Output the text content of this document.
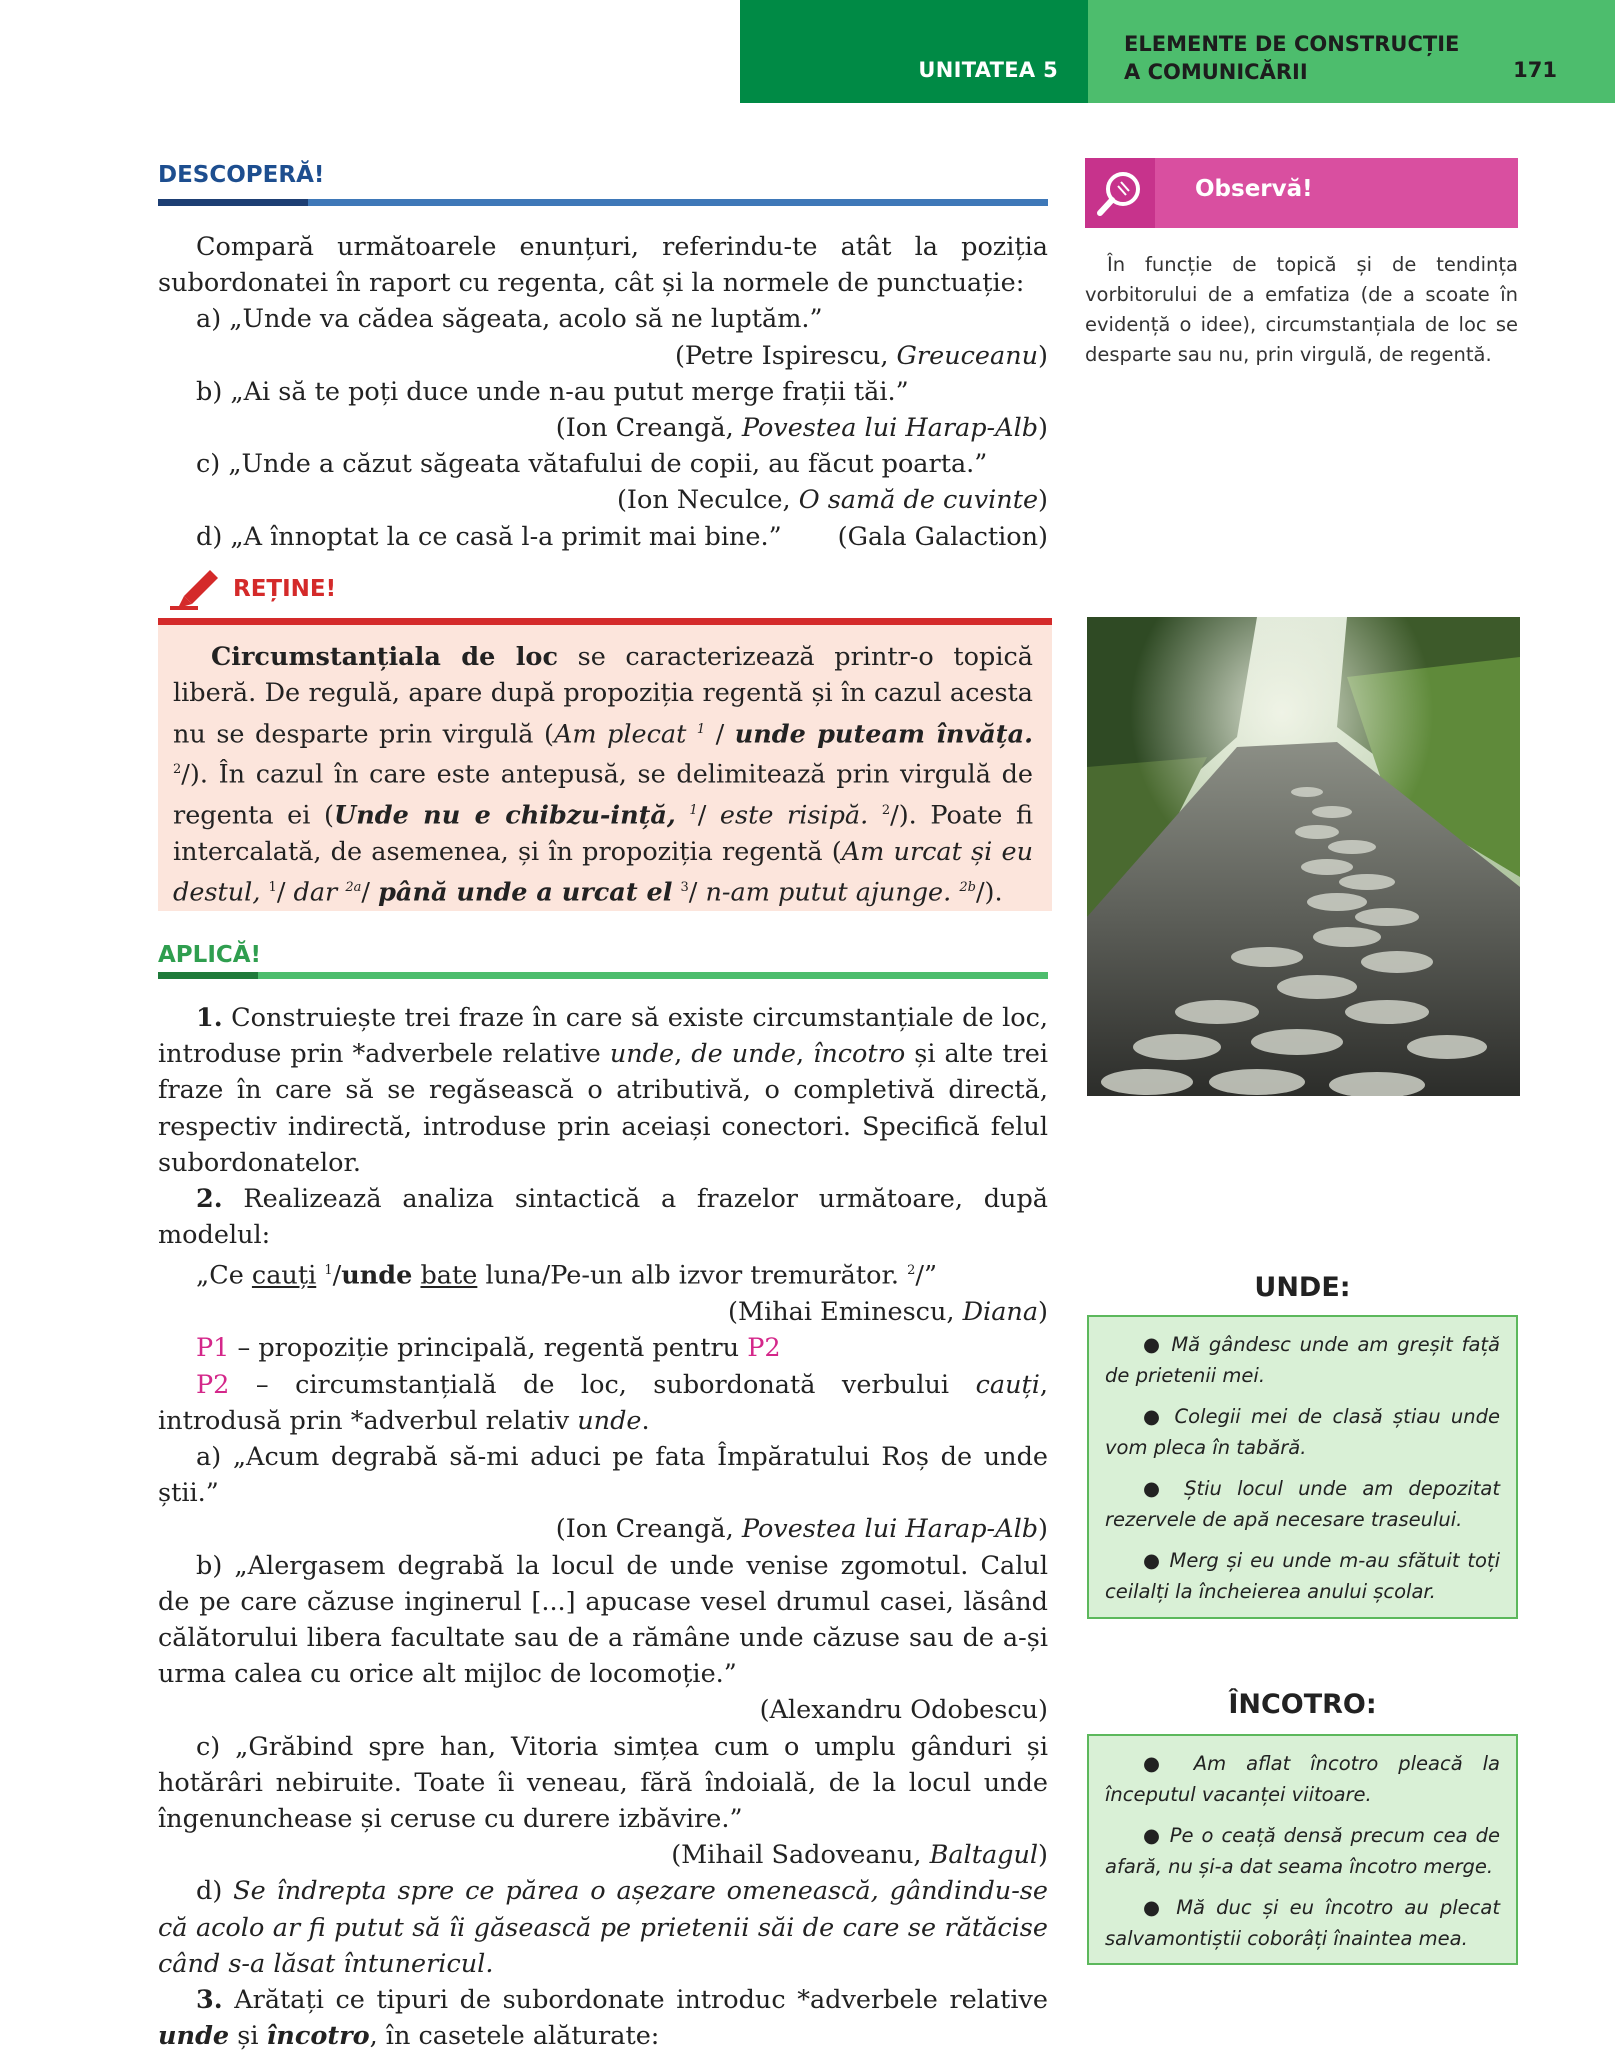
UNITATEA 5
ELEMENTE DE CONSTRUCȚIE
A COMUNICĂRII	171
DESCOPERĂ!

Compară următoarele enunțuri, referindu-te atât la poziția subordonatei în raport cu regenta, cât și la normele de punctuație:

a) „Unde va cădea săgeata, acolo să ne luptăm.”

(Petre Ispirescu, Greuceanu)

b) „Ai să te poți duce unde n-au putut merge frații tăi.”

(Ion Creangă, Povestea lui Harap-Alb)

c) „Unde a căzut săgeata vătafului de copii, au făcut poarta.”

(Ion Neculce, O samă de cuvinte)

d) „A înnoptat la ce casă l-a primit mai bine.” (Gala Galaction)

REȚINE!
Circumstanțiala de loc se caracterizează printr-o topică liberă. De regulă, apare după propoziția regentă și în cazul acesta nu se desparte prin virgulă (Am plecat $^1$ / unde puteam învăța. $^2$/). În cazul în care este antepusă, se delimitează prin virgulă de regenta ei (Unde nu e chibzu-ință, $^1$/ este risipă. $^2$/). Poate fi intercalată, de asemenea, și în propoziția regentă (Am urcat și eu destul, $^1$/ dar $^{2a}$/ până unde a urcat el $^3$/ n-am putut ajunge. $^{2b}$/).
APLICĂ!

1. Construiește trei fraze în care să existe circumstanțiale de loc, introduse prin *adverbele relative unde, de unde, încotro și alte trei fraze în care să se regăsească o atributivă, o completivă directă, respectiv indirectă, introduse prin aceiași conectori. Specifică felul subordonatelor.

2. Realizează analiza sintactică a frazelor următoare, după modelul:

„Ce cauți $^1$/unde bate luna/Pe-un alb izvor tremurător. $^2$/”

(Mihai Eminescu, Diana)

P1 – propoziție principală, regentă pentru P2

P2 – circumstanțială de loc, subordonată verbului cauți, introdusă prin *adverbul relativ unde.

a) „Acum degrabă să-mi aduci pe fata Împăratului Roș de unde știi.”

(Ion Creangă, Povestea lui Harap-Alb)

b) „Alergasem degrabă la locul de unde venise zgomotul. Calul de pe care căzuse inginerul [...] apucase vesel drumul casei, lăsând călătorului libera facultate sau de a rămâne unde căzuse sau de a-și urma calea cu orice alt mijloc de locomoție.”

(Alexandru Odobescu)

c) „Grăbind spre han, Vitoria simțea cum o umplu gânduri și hotărâri nebiruite. Toate îi veneau, fără îndoială, de la locul unde îngenunchease și ceruse cu durere izbăvire.”

(Mihail Sadoveanu, Baltagul)

d) Se îndrepta spre ce părea o așezare omenească, gândindu-se că acolo ar fi putut să îi găsească pe prietenii săi de care se rătăcise când s-a lăsat întunericul.

3. Arătați ce tipuri de subordonate introduc *adverbele relative unde și încotro, în casetele alăturate:

Observă!
În funcție de topică și de tendința vorbitorului de a emfatiza (de a scoate în evidență o idee), circumstanțiala de loc se desparte sau nu, prin virgulă, de regentă.
UNDE:

● Mă gândesc unde am greșit față de prietenii mei.

● Colegii mei de clasă știau unde vom pleca în tabără.

● Știu locul unde am depozitat rezervele de apă necesare traseului.

● Merg și eu unde m-au sfătuit toți ceilalți la încheierea anului școlar.

ÎNCOTRO:

● Am aflat încotro pleacă la începutul vacanței viitoare.

● Pe o ceață densă precum cea de afară, nu și-a dat seama încotro merge.

● Mă duc și eu încotro au plecat salvamontiștii coborâți înaintea mea.
